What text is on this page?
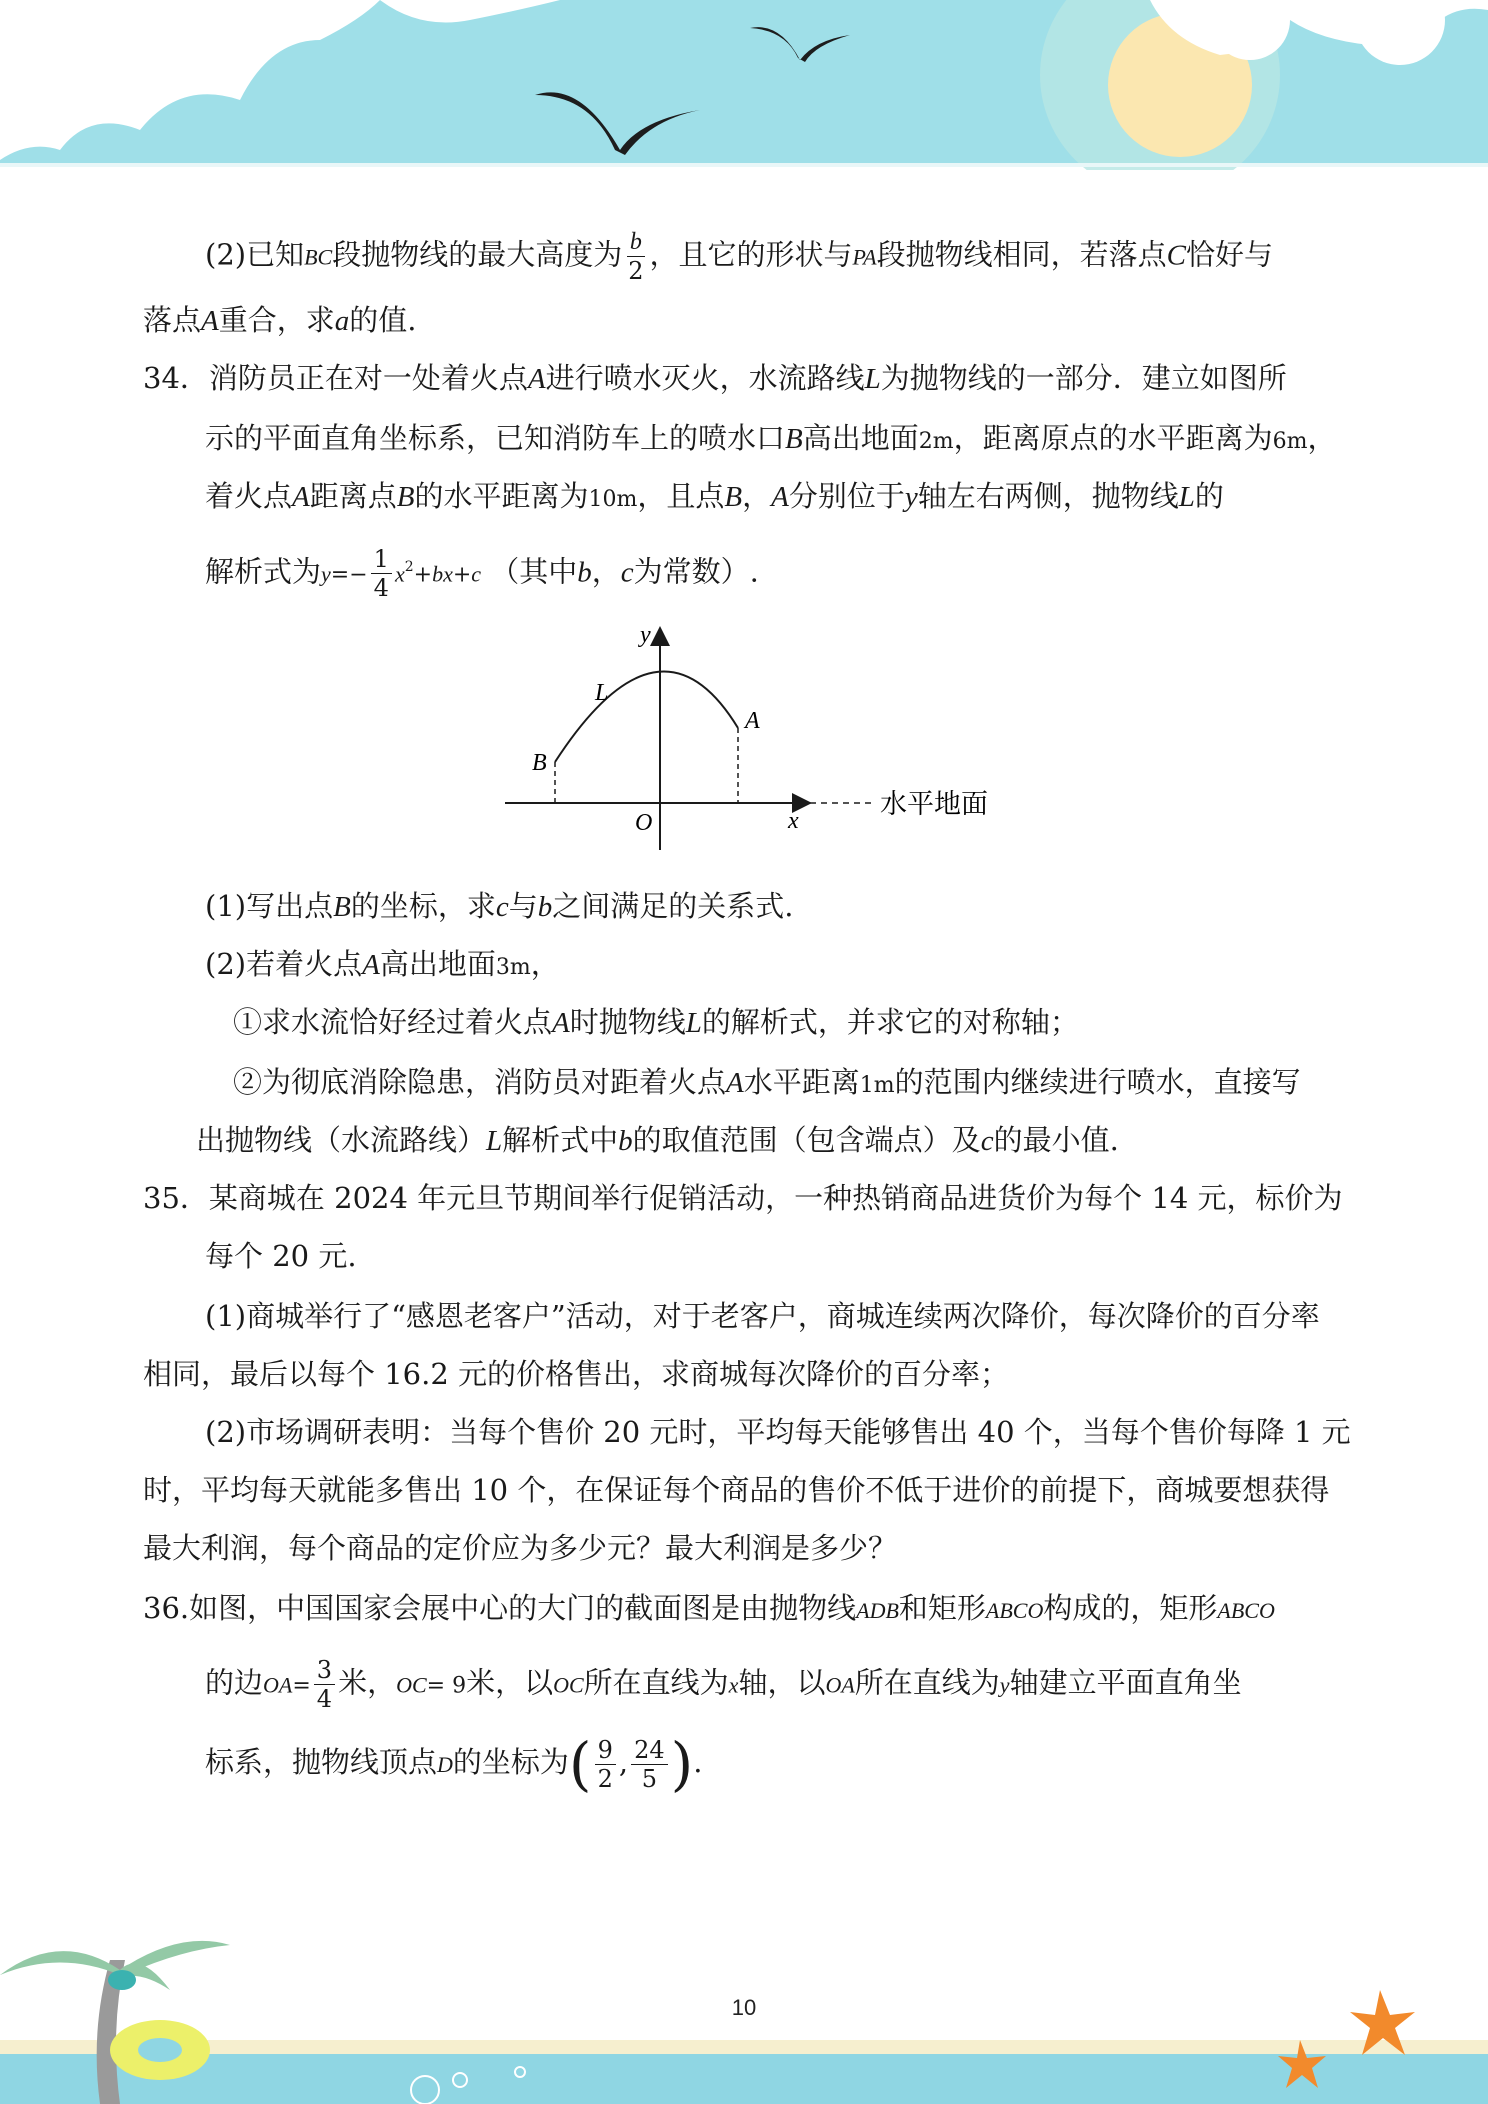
(2)已知BC段抛物线的最大高度为 $\frac{b}{2}$ ，且它的形状与PA段抛物线相同，若落点C恰好与
落点A重合，求a的值.
34．消防员正在对一处着火点A进行喷水灭火，水流路线L为抛物线的一部分．建立如图所
示的平面直角坐标系，已知消防车上的喷水口B高出地面2m，距离原点的水平距离为6m，
着火点A距离点B的水平距离为10m，且点B，A分别位于y轴左右两侧，抛物线L的
解析式为$y=- \frac{1}{4} x^2+bx+c$ （其中b，c为常数）.
y
x
O
L
A
B
水平地面
(1)写出点B的坐标，求c与b之间满足的关系式.
(2)若着火点A高出地面3m，
①求水流恰好经过着火点A时抛物线L的解析式，并求它的对称轴；
②为彻底消除隐患，消防员对距着火点A水平距离1m的范围内继续进行喷水，直接写
出抛物线（水流路线）L解析式中b的取值范围（包含端点）及c的最小值.
35．某商城在 2024 年元旦节期间举行促销活动，一种热销商品进货价为每个 14 元，标价为
每个 20 元.
(1)商城举行了“感恩老客户”活动，对于老客户，商城连续两次降价，每次降价的百分率
相同，最后以每个 16.2 元的价格售出，求商城每次降价的百分率；
(2)市场调研表明：当每个售价 20 元时，平均每天能够售出 40 个，当每个售价每降 1 元
时，平均每天就能多售出 10 个，在保证每个商品的售价不低于进价的前提下，商城要想获得
最大利润，每个商品的定价应为多少元？最大利润是多少？
36.如图，中国国家会展中心的大门的截面图是由抛物线ADB和矩形ABCO构成的，矩形ABCO
的边$OA= \frac{3}{4}$ 米，OC= 9米，以OC所在直线为x轴，以OA所在直线为y轴建立平面直角坐
标系，抛物线顶点D的坐标为( $\frac{9}{2}$ , $\frac{24}{5}$ ).
10
